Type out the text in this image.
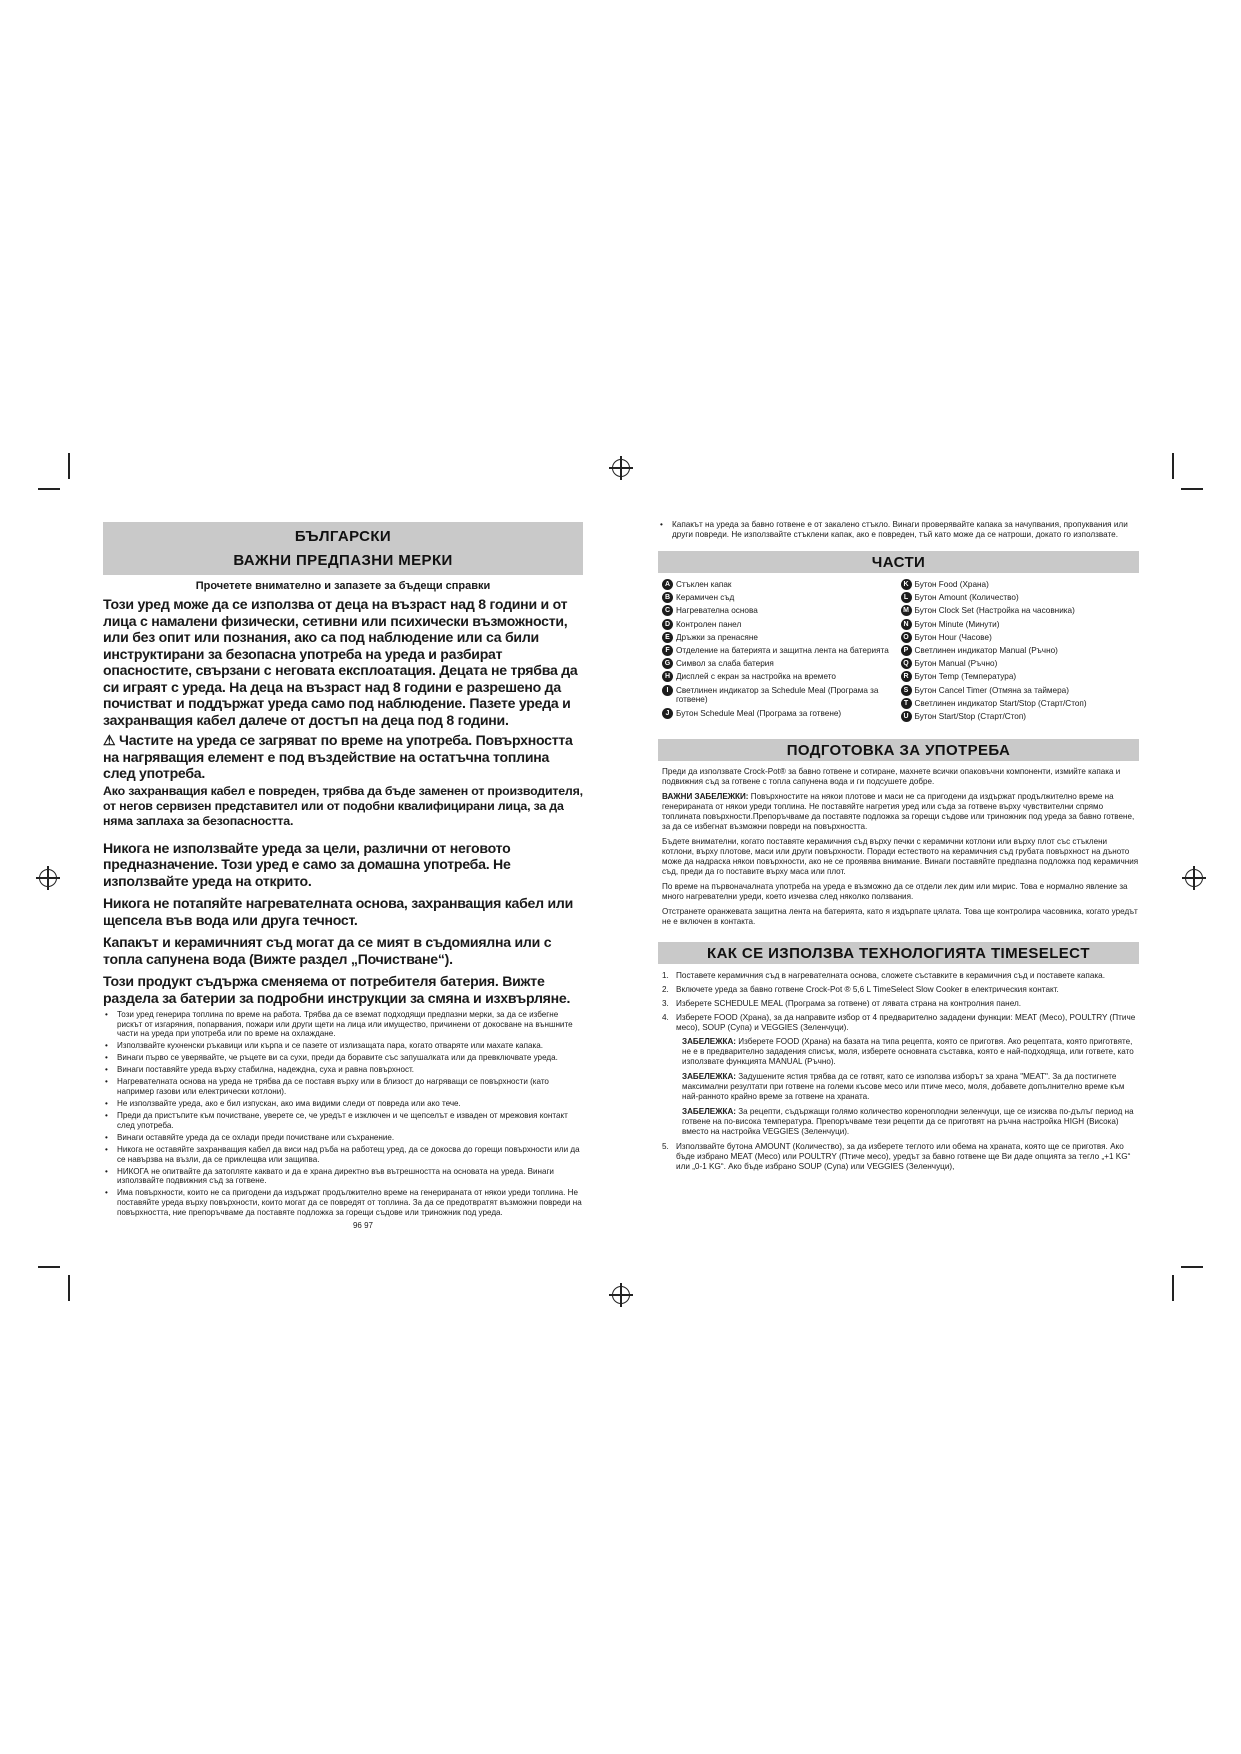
БЪЛГАРСКИ
ВАЖНИ ПРЕДПАЗНИ МЕРКИ
Прочетете внимателно и запазете за бъдещи справки

Този уред може да се използва от деца на възраст над 8 години и от лица с намалени физически, сетивни или психически възможности, или без опит или познания, ако са под наблюдение или са били инструктирани за безопасна употреба на уреда и разбират опасностите, свързани с неговата експлоатация. Децата не трябва да си играят с уреда. На деца на възраст над 8 години е разрешено да почистват и поддържат уреда само под наблюдение. Пазете уреда и захранващия кабел далече от достъп на деца под 8 години.

⚠ Частите на уреда се загряват по време на употреба. Повърхността на нагряващия елемент е под въздействие на остатъчна топлина след употреба.

Ако захранващия кабел е повреден, трябва да бъде заменен от производителя, от негов сервизен представител или от подобни квалифицирани лица, за да няма заплаха за безопасността.

Никога не използвайте уреда за цели, различни от неговото предназначение. Този уред е само за домашна употреба. Не използвайте уреда на открито.

Никога не потапяйте нагревателната основа, захранващия кабел или щепсела във вода или друга течност.

Капакът и керамичният съд могат да се мият в съдомиялна или с топла сапунена вода (Вижте раздел „Почистване“).

Този продукт съдържа сменяема от потребителя батерия. Вижте раздела за батерии за подробни инструкции за смяна и изхвърляне.

• Този уред генерира топлина по време на работа. Трябва да се вземат подходящи предпазни мерки, за да се избегне рискът от изгаряния, попарвания, пожари или други щети на лица или имущество, причинени от докосване на външните части на уреда при употреба или по време на охлаждане.
• Използвайте кухненски ръкавици или кърпа и се пазете от излизащата пара, когато отваряте или махате капака.
• Винаги първо се уверявайте, че ръцете ви са сухи, преди да боравите със запушалката или да превключвате уреда.
• Винаги поставяйте уреда върху стабилна, надеждна, суха и равна повърхност.
• Нагревателната основа на уреда не трябва да се поставя върху или в близост до нагряващи се повърхности (като например газови или електрически котлони).
• Не използвайте уреда, ако е бил изпускан, ако има видими следи от повреда или ако тече.
• Преди да пристъпите към почистване, уверете се, че уредът е изключен и че щепселът е изваден от мрежовия контакт след употреба.
• Винаги оставяйте уреда да се охлади преди почистване или съхранение.
• Никога не оставяйте захранващия кабел да виси над ръба на работещ уред, да се докосва до горещи повърхности или да се навързва на възли, да се приклещва или защипва.
• НИКОГА не опитвайте да затопляте каквато и да е храна директно във вътрешността на основата на уреда. Винаги използвайте подвижния съд за готвене.
• Има повърхности, които не са пригодени да издържат продължително време на генерираната от някои уреди топлина. Не поставяйте уреда върху повърхности, които могат да се повредят от топлина. За да се предотвратят възможни повреди на повърхността, ние препоръчваме да поставяте подложка за горещи съдове или триножник под уреда.
96 97
• Капакът на уреда за бавно готвене е от закалено стъкло. Винаги проверявайте капака за начупвания, пропуквания или други повреди. Не използвайте стъклени капак, ако е повреден, тъй като може да се натроши, докато го използвате.
ЧАСТИ
A Стъклен капак
B Керамичен съд
C Нагревателна основа
D Контролен панел
E Дръжки за пренасяне
F Отделение на батерията и защитна лента на батерията
G Символ за слаба батерия
H Дисплей с екран за настройка на времето
I Светлинен индикатор за Schedule Meal (Програма за готвене)
J Бутон Schedule Meal (Програма за готвене)
K Бутон Food (Храна)
L Бутон Amount (Количество)
M Бутон Clock Set (Настройка на часовника)
N Бутон Minute (Минути)
O Бутон Hour (Часове)
P Светлинен индикатор Manual (Ръчно)
Q Бутон Manual (Ръчно)
R Бутон Temp (Температура)
S Бутон Cancel Timer (Отмяна за таймера)
T Светлинен индикатор Start/Stop (Старт/Стоп)
U Бутон Start/Stop (Старт/Стоп)
ПОДГОТОВКА ЗА УПОТРЕБА

Преди да използвате Crock-Pot® за бавно готвене и сотиране, махнете всички опаковъчни компоненти, измийте капака и подвижния съд за готвене с топла сапунена вода и ги подсушете добре.

ВАЖНИ ЗАБЕЛЕЖКИ: Повърхностите на някои плотове и маси не са пригодени да издържат продължително време на генерираната от някои уреди топлина. Не поставяйте нагретия уред или съда за готвене върху чувствителни спрямо топлината повърхности.Препоръчваме да поставяте подложка за горещи съдове или триножник под уреда за бавно готвене, за да се избегнат възможни повреди на повърхността.

Бъдете внимателни, когато поставяте керамичния съд върху печки с керамични котлони или върху плот със стъклени котлони, върху плотове, маси или други повърхности. Поради естеството на керамичния съд грубата повърхност на дъното може да надраска някои повърхности, ако не се проявява внимание. Винаги поставяйте предпазна подложка под керамичния съд, преди да го поставите върху маса или плот.

По време на първоначалната употреба на уреда е възможно да се отдели лек дим или мирис. Това е нормално явление за много нагревателни уреди, което изчезва след няколко ползвания.

Отстранете оранжевата защитна лента на батерията, като я издърпате цялата. Това ще контролира часовника, когато уредът не е включен в контакта.

КАК СЕ ИЗПОЛЗВА ТЕХНОЛОГИЯТА TIMESELECT
1. Поставете керамичния съд в нагревателната основа, сложете съставките в керамичния съд и поставете капака.
2. Включете уреда за бавно готвене Crock-Pot ® 5,6 L TimeSelect Slow Cooker в електрическия контакт.
3. Изберете SCHEDULE MEAL (Програма за готвене) от лявата страна на контролния панел.
4. Изберете FOOD (Храна), за да направите избор от 4 предварително зададени функции: MEAT (Месо), POULTRY (Птиче месо), SOUP (Супа) и VEGGIES (Зеленчуци).

ЗАБЕЛЕЖКА: Изберете FOOD (Храна) на базата на типа рецепта, която се приготвя. Ако рецептата, която приготвяте, не е в предварително зададения списък, моля, изберете основната съставка, която е най-подходяща, или гответе, като използвате функцията MANUAL (Ръчно).

ЗАБЕЛЕЖКА: Задушените ястия трябва да се готвят, като се използва изборът за храна "MEAT". За да постигнете максимални резултати при готвене на големи късове месо или птиче месо, моля, добавете допълнително време към най-ранното крайно време за готвене на храната.

ЗАБЕЛЕЖКА: За рецепти, съдържащи голямо количество кореноплодни зеленчуци, ще се изисква по-дълъг период на готвене на по-висока температура. Препоръчваме тези рецепти да се приготвят на ръчна настройка HIGH (Висока) вместо на настройка VEGGIES (Зеленчуци).

5. Използвайте бутона AMOUNT (Количество), за да изберете теглото или обема на храната, която ще се приготвя. Ако бъде избрано MEAT (Месо) или POULTRY (Птиче месо), уредът за бавно готвене ще Ви даде опцията за тегло „+1 KG“ или „0-1 KG“. Ако бъде избрано SOUP (Супа) или VEGGIES (Зеленчуци),
